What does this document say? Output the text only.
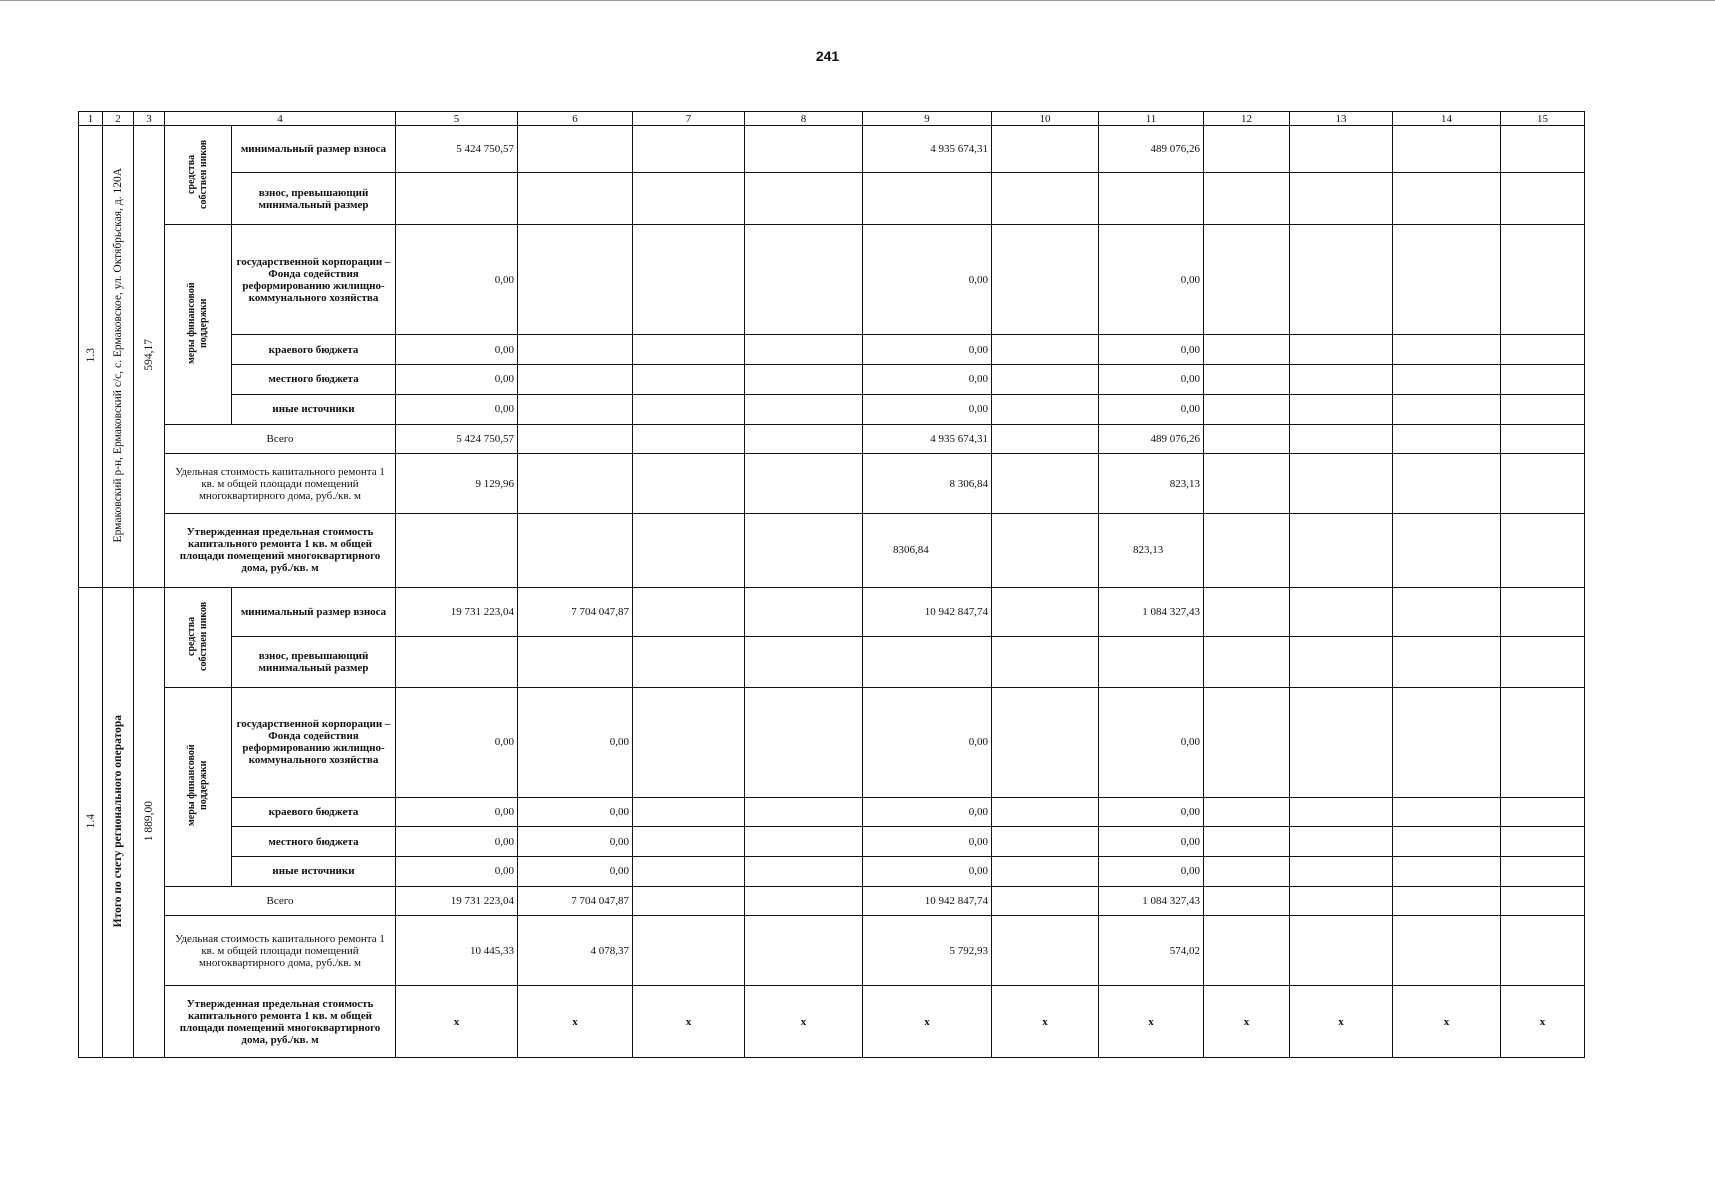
241
1	2	3	4		5	6	7	8	9	10	11	12	13	14	15
1.3	Ермаковский р-н, Ермаковский с/с, с. Ермаковское, ул. Октябрьская, д. 120А	594,17	средства собствен ников	минимальный размер взноса	5 424 750,57				4 935 674,31		489 076,26				
				взнос, превышающий минимальный размер											
			меры финансовой поддержки	государственной корпорации – Фонда содействия реформированию жилищно-коммунального хозяйства	0,00				0,00		0,00				
				краевого бюджета	0,00				0,00		0,00				
				местного бюджета	0,00				0,00		0,00				
				иные источники	0,00				0,00		0,00				
			Всего		5 424 750,57				4 935 674,31		489 076,26				
			Удельная стоимость капитального ремонта 1 кв. м общей площади помещений многоквартирного дома, руб./кв. м		9 129,96				8 306,84		823,13				
			Утвержденная предельная стоимость капитального ремонта 1 кв. м общей площади помещений многоквартирного дома, руб./кв. м						8306,84		823,13				
1.4	Итого по счету регионального оператора	1 889,00	средства собствен ников	минимальный размер взноса	19 731 223,04	7 704 047,87			10 942 847,74		1 084 327,43				
				взнос, превышающий минимальный размер											
			меры финансовой поддержки	государственной корпорации – Фонда содействия реформированию жилищно-коммунального хозяйства	0,00	0,00			0,00		0,00				
				краевого бюджета	0,00	0,00			0,00		0,00				
				местного бюджета	0,00	0,00			0,00		0,00				
				иные источники	0,00	0,00			0,00		0,00				
			Всего		19 731 223,04	7 704 047,87			10 942 847,74		1 084 327,43				
			Удельная стоимость капитального ремонта 1 кв. м общей площади помещений многоквартирного дома, руб./кв. м		10 445,33	4 078,37			5 792,93		574,02				
			Утвержденная предельная стоимость капитального ремонта 1 кв. м общей площади помещений многоквартирного дома, руб./кв. м		х	х	х	х	х	х	х	х	х	х	х
